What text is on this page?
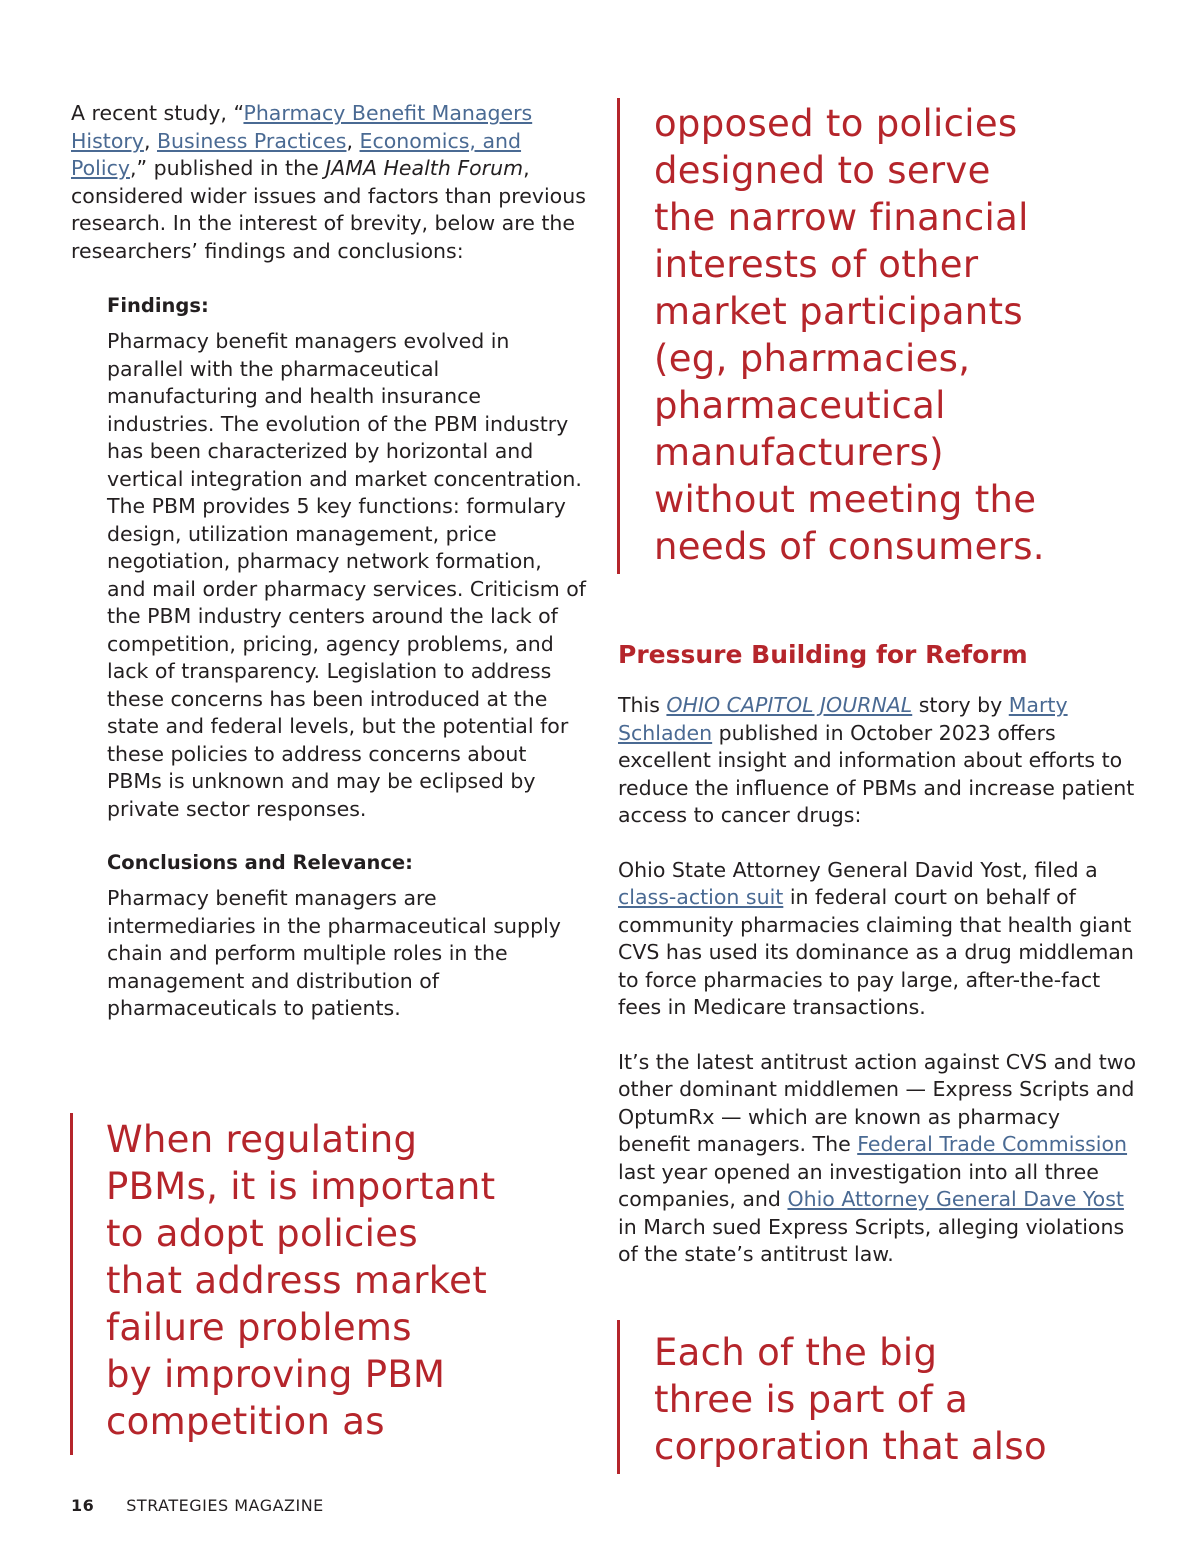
A recent study, “Pharmacy Benefit Managers History, Business Practices, Economics, and Policy,” published in the JAMA Health Forum, considered wider issues and factors than previous research. In the interest of brevity, below are the researchers’ findings and conclusions:

Findings:

Pharmacy benefit managers evolved in parallel with the pharmaceutical manufacturing and health insurance industries. The evolution of the PBM industry has been characterized by horizontal and vertical integration and market concentration. The PBM provides 5 key functions: formulary design, utilization management, price negotiation, pharmacy network formation, and mail order pharmacy services. Criticism of the PBM industry centers around the lack of competition, pricing, agency problems, and lack of transparency. Legislation to address these concerns has been introduced at the state and federal levels, but the potential for these policies to address concerns about PBMs is unknown and may be eclipsed by private sector responses.

Conclusions and Relevance:

Pharmacy benefit managers are intermediaries in the pharmaceutical supply chain and perform multiple roles in the management and distribution of pharmaceuticals to patients.

When regulating
PBMs, it is important
to adopt policies
that address market
failure problems
by improving PBM
competition as
opposed to policies
designed to serve
the narrow financial
interests of other
market participants
(eg, pharmacies,
pharmaceutical
manufacturers)
without meeting the
needs of consumers.
Pressure Building for Reform

This OHIO CAPITOL JOURNAL story by Marty Schladen published in October 2023 offers excellent insight and information about efforts to reduce the influence of PBMs and increase patient access to cancer drugs:

Ohio State Attorney General David Yost, filed a class-action suit in federal court on behalf of community pharmacies claiming that health giant CVS has used its dominance as a drug middleman to force pharmacies to pay large, after-the-fact fees in Medicare transactions.

It’s the latest antitrust action against CVS and two other dominant middlemen — Express Scripts and OptumRx — which are known as pharmacy benefit managers. The Federal Trade Commission last year opened an investigation into all three companies, and Ohio Attorney General Dave Yost in March sued Express Scripts, alleging violations of the state’s antitrust law.

Each of the big
three is part of a
corporation that also
16 STRATEGIES MAGAZINE
